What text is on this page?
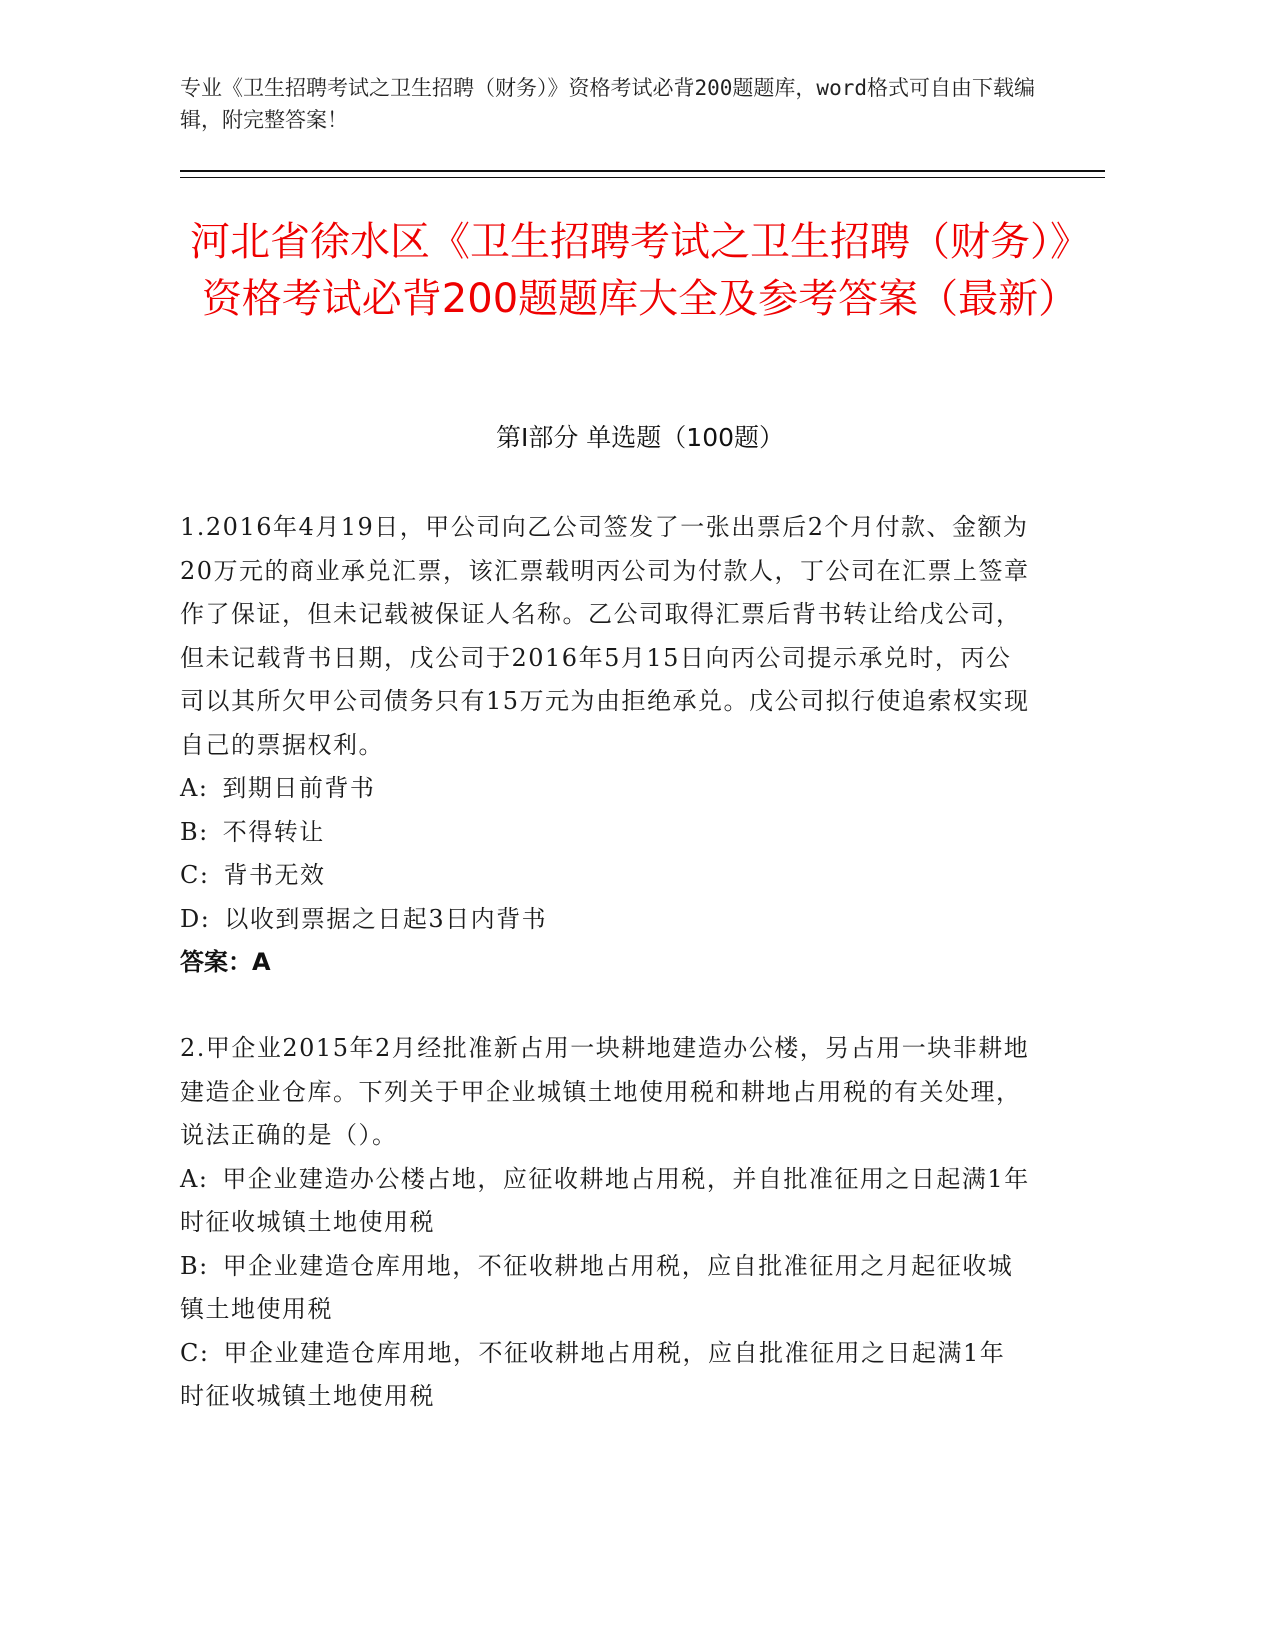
专业《卫生招聘考试之卫生招聘（财务）》资格考试必背200题题库，word格式可自由下载编辑，附完整答案！
河北省徐水区《卫生招聘考试之卫生招聘（财务）》资格考试必背200题题库大全及参考答案（最新）
第Ⅰ部分 单选题（100题）
1.2016年4月19日，甲公司向乙公司签发了一张出票后2个月付款、金额为20万元的商业承兑汇票，该汇票载明丙公司为付款人，丁公司在汇票上签章作了保证，但未记载被保证人名称。乙公司取得汇票后背书转让给戊公司，但未记载背书日期，戊公司于2016年5月15日向丙公司提示承兑时，丙公司以其所欠甲公司债务只有15万元为由拒绝承兑。戊公司拟行使追索权实现自己的票据权利。
A: 到期日前背书
B: 不得转让
C: 背书无效
D: 以收到票据之日起3日内背书
答案：A
2.甲企业2015年2月经批准新占用一块耕地建造办公楼，另占用一块非耕地建造企业仓库。下列关于甲企业城镇土地使用税和耕地占用税的有关处理，说法正确的是（）。
A: 甲企业建造办公楼占地，应征收耕地占用税，并自批准征用之日起满1年时征收城镇土地使用税
B: 甲企业建造仓库用地，不征收耕地占用税，应自批准征用之月起征收城镇土地使用税
C: 甲企业建造仓库用地，不征收耕地占用税，应自批准征用之日起满1年时征收城镇土地使用税
